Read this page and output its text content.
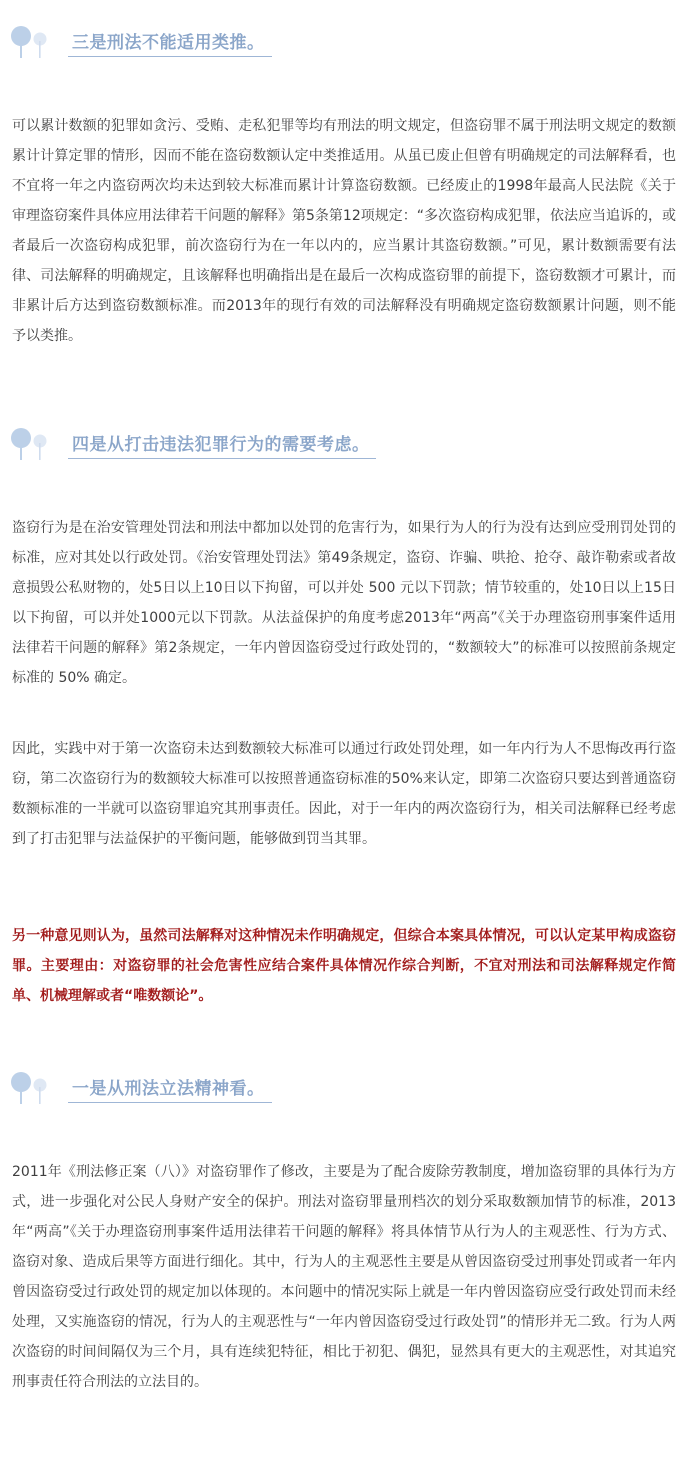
三是刑法不能适用类推。

可以累计数额的犯罪如贪污、受贿、走私犯罪等均有刑法的明文规定，但盗窃罪不属于刑法明文规定的数额累计计算定罪的情形，因而不能在盗窃数额认定中类推适用。从虽已废止但曾有明确规定的司法解释看，也不宜将一年之内盗窃两次均未达到较大标准而累计计算盗窃数额。已经废止的1998年最高人民法院《关于审理盗窃案件具体应用法律若干问题的解释》第5条第12项规定：“多次盗窃构成犯罪，依法应当追诉的，或者最后一次盗窃构成犯罪，前次盗窃行为在一年以内的，应当累计其盗窃数额。”可见，累计数额需要有法律、司法解释的明确规定，且该解释也明确指出是在最后一次构成盗窃罪的前提下，盗窃数额才可累计，而非累计后方达到盗窃数额标准。而2013年的现行有效的司法解释没有明确规定盗窃数额累计问题，则不能予以类推。

四是从打击违法犯罪行为的需要考虑。

盗窃行为是在治安管理处罚法和刑法中都加以处罚的危害行为，如果行为人的行为没有达到应受刑罚处罚的标准，应对其处以行政处罚。《治安管理处罚法》第49条规定，盗窃、诈骗、哄抢、抢夺、敲诈勒索或者故意损毁公私财物的，处5日以上10日以下拘留，可以并处 500 元以下罚款；情节较重的，处10日以上15日以下拘留，可以并处1000元以下罚款。从法益保护的角度考虑2013年“两高”《关于办理盗窃刑事案件适用法律若干问题的解释》第2条规定，一年内曾因盗窃受过行政处罚的，“数额较大”的标准可以按照前条规定标准的 50% 确定。

因此，实践中对于第一次盗窃未达到数额较大标准可以通过行政处罚处理，如一年内行为人不思悔改再行盗窃，第二次盗窃行为的数额较大标准可以按照普通盗窃标准的50%来认定，即第二次盗窃只要达到普通盗窃数额标准的一半就可以盗窃罪追究其刑事责任。因此，对于一年内的两次盗窃行为，相关司法解释已经考虑到了打击犯罪与法益保护的平衡问题，能够做到罚当其罪。

另一种意见则认为，虽然司法解释对这种情况未作明确规定，但综合本案具体情况，可以认定某甲构成盗窃罪。主要理由：对盗窃罪的社会危害性应结合案件具体情况作综合判断，不宜对刑法和司法解释规定作简单、机械理解或者“唯数额论”。

一是从刑法立法精神看。

2011年《刑法修正案（八）》对盗窃罪作了修改，主要是为了配合废除劳教制度，增加盗窃罪的具体行为方式，进一步强化对公民人身财产安全的保护。刑法对盗窃罪量刑档次的划分采取数额加情节的标准，2013年“两高”《关于办理盗窃刑事案件适用法律若干问题的解释》将具体情节从行为人的主观恶性、行为方式、盗窃对象、造成后果等方面进行细化。其中，行为人的主观恶性主要是从曾因盗窃受过刑事处罚或者一年内曾因盗窃受过行政处罚的规定加以体现的。本问题中的情况实际上就是一年内曾因盗窃应受行政处罚而未经处理，又实施盗窃的情况，行为人的主观恶性与“一年内曾因盗窃受过行政处罚”的情形并无二致。行为人两次盗窃的时间间隔仅为三个月，具有连续犯特征，相比于初犯、偶犯，显然具有更大的主观恶性，对其追究刑事责任符合刑法的立法目的。
